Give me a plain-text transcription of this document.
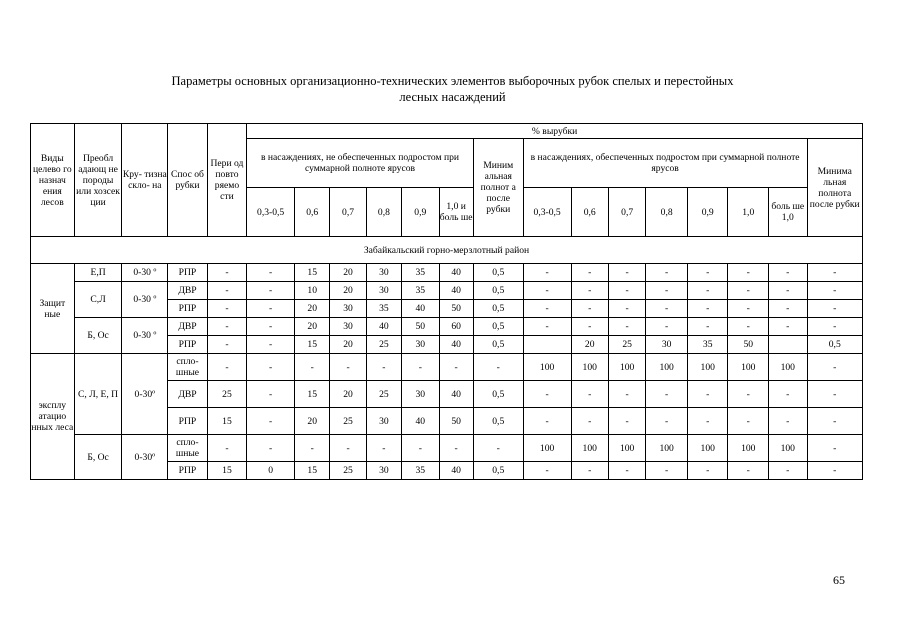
Параметры основных организационно-технических элементов выборочных рубок спелых и перестойных
лесных насаждений
Виды целево го назнач ения лесов	Преобл адающ не породы или хозсек ции	Кру- тизна скло- на	Спос об рубки	Пери од повто ряемо сти	% вырубки														
					в насаждениях, не обеспеченных подростом при суммарной полноте ярусов						Миним альная полнот а после рубки	в насаждениях, обеспеченных подростом при суммарной полноте ярусов							Минима льная полнота после рубки
					0,3-0,5	0,6	0,7	0,8	0,9	1,0 и боль ше		0,3-0,5	0,6	0,7	0,8	0,9	1,0	боль ше 1,0	
Забайкальский горно-мерзлотный район																			
Защит ные	Е,П	0-30 º	РПР	-	-	15	20	30	35	40	0,5	-	-	-	-	-	-	-	-
	С,Л	0-30 º	ДВР	-	-	10	20	30	35	40	0,5	-	-	-	-	-	-	-	-
			РПР	-	-	20	30	35	40	50	0,5	-	-	-	-	-	-	-	-
	Б, Ос	0-30 º	ДВР	-	-	20	30	40	50	60	0,5	-	-	-	-	-	-	-	-
			РПР	-	-	15	20	25	30	40	0,5		20	25	30	35	50		0,5
эксплу атацио нных леса	С, Л, Е, П	0-30º	спло- шные	-	-	-	-	-	-	-	-	100	100	100	100	100	100	100	-
			ДВР	25	-	15	20	25	30	40	0,5	-	-	-	-	-	-	-	-
			РПР	15	-	20	25	30	40	50	0,5	-	-	-	-	-	-	-	-
	Б, Ос	0-30º	спло- шные	-	-	-	-	-	-	-	-	100	100	100	100	100	100	100	-
			РПР	15	0	15	25	30	35	40	0,5	-	-	-	-	-	-	-	-
65
